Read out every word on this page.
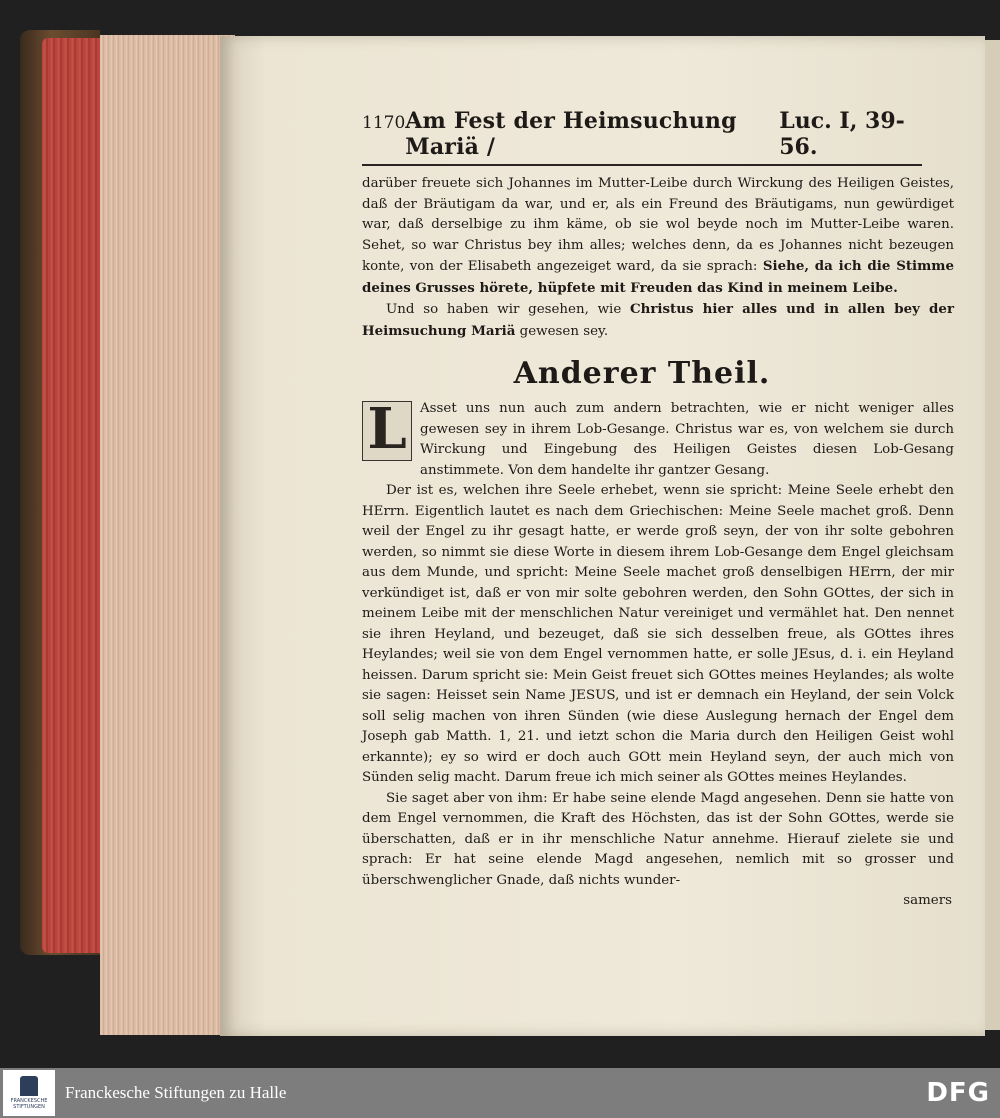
1170 Am Fest der Heimsuchung Mariä /
Luc. I, 39-56.

darüber freuete sich Johannes im Mutter-Leibe durch Wirckung des Heiligen Geistes, daß der Bräutigam da war, und er, als ein Freund des Bräutigams, nun gewürdiget war, daß derselbige zu ihm käme, ob sie wol beyde noch im Mutter-Leibe waren. Sehet, so war Christus bey ihm alles; welches denn, da es Johannes nicht bezeugen konte, von der Elisabeth angezeiget ward, da sie sprach: Siehe, da ich die Stimme deines Grusses hörete, hüpfete mit Freuden das Kind in meinem Leibe.

Und so haben wir gesehen, wie Christus hier alles und in allen bey der Heimsuchung Mariä gewesen sey.

Anderer Theil.
L Asset uns nun auch zum andern betrachten, wie er nicht weniger alles gewesen sey in ihrem Lob-Gesange. Christus war es, von welchem sie durch Wirckung und Eingebung des Heiligen Geistes diesen Lob-Gesang anstimmete. Von dem handelte ihr gantzer Gesang.

Der ist es, welchen ihre Seele erhebet, wenn sie spricht: Meine Seele erhebt den HErrn. Eigentlich lautet es nach dem Griechischen: Meine Seele machet groß. Denn weil der Engel zu ihr gesagt hatte, er werde groß seyn, der von ihr solte gebohren werden, so nimmt sie diese Worte in diesem ihrem Lob-Gesange dem Engel gleichsam aus dem Munde, und spricht: Meine Seele machet groß denselbigen HErrn, der mir verkündiget ist, daß er von mir solte gebohren werden, den Sohn GOttes, der sich in meinem Leibe mit der menschlichen Natur vereiniget und vermählet hat. Den nennet sie ihren Heyland, und bezeuget, daß sie sich desselben freue, als GOttes ihres Heylandes; weil sie von dem Engel vernommen hatte, er solle JEsus, d. i. ein Heyland heissen. Darum spricht sie: Mein Geist freuet sich GOttes meines Heylandes; als wolte sie sagen: Heisset sein Name JESUS, und ist er demnach ein Heyland, der sein Volck soll selig machen von ihren Sünden (wie diese Auslegung hernach der Engel dem Joseph gab Matth. 1, 21. und ietzt schon die Maria durch den Heiligen Geist wohl erkannte); ey so wird er doch auch GOtt mein Heyland seyn, der auch mich von Sünden selig macht. Darum freue ich mich seiner als GOttes meines Heylandes.

Sie saget aber von ihm: Er habe seine elende Magd angesehen. Denn sie hatte von dem Engel vernommen, die Kraft des Höchsten, das ist der Sohn GOttes, werde sie überschatten, daß er in ihr menschliche Natur annehme. Hierauf zielete sie und sprach: Er hat seine elende Magd angesehen, nemlich mit so grosser und überschwenglicher Gnade, daß nichts wunder-

samers
FRANCKESCHE STIFTUNGEN
Franckesche Stiftungen zu Halle	DFG
